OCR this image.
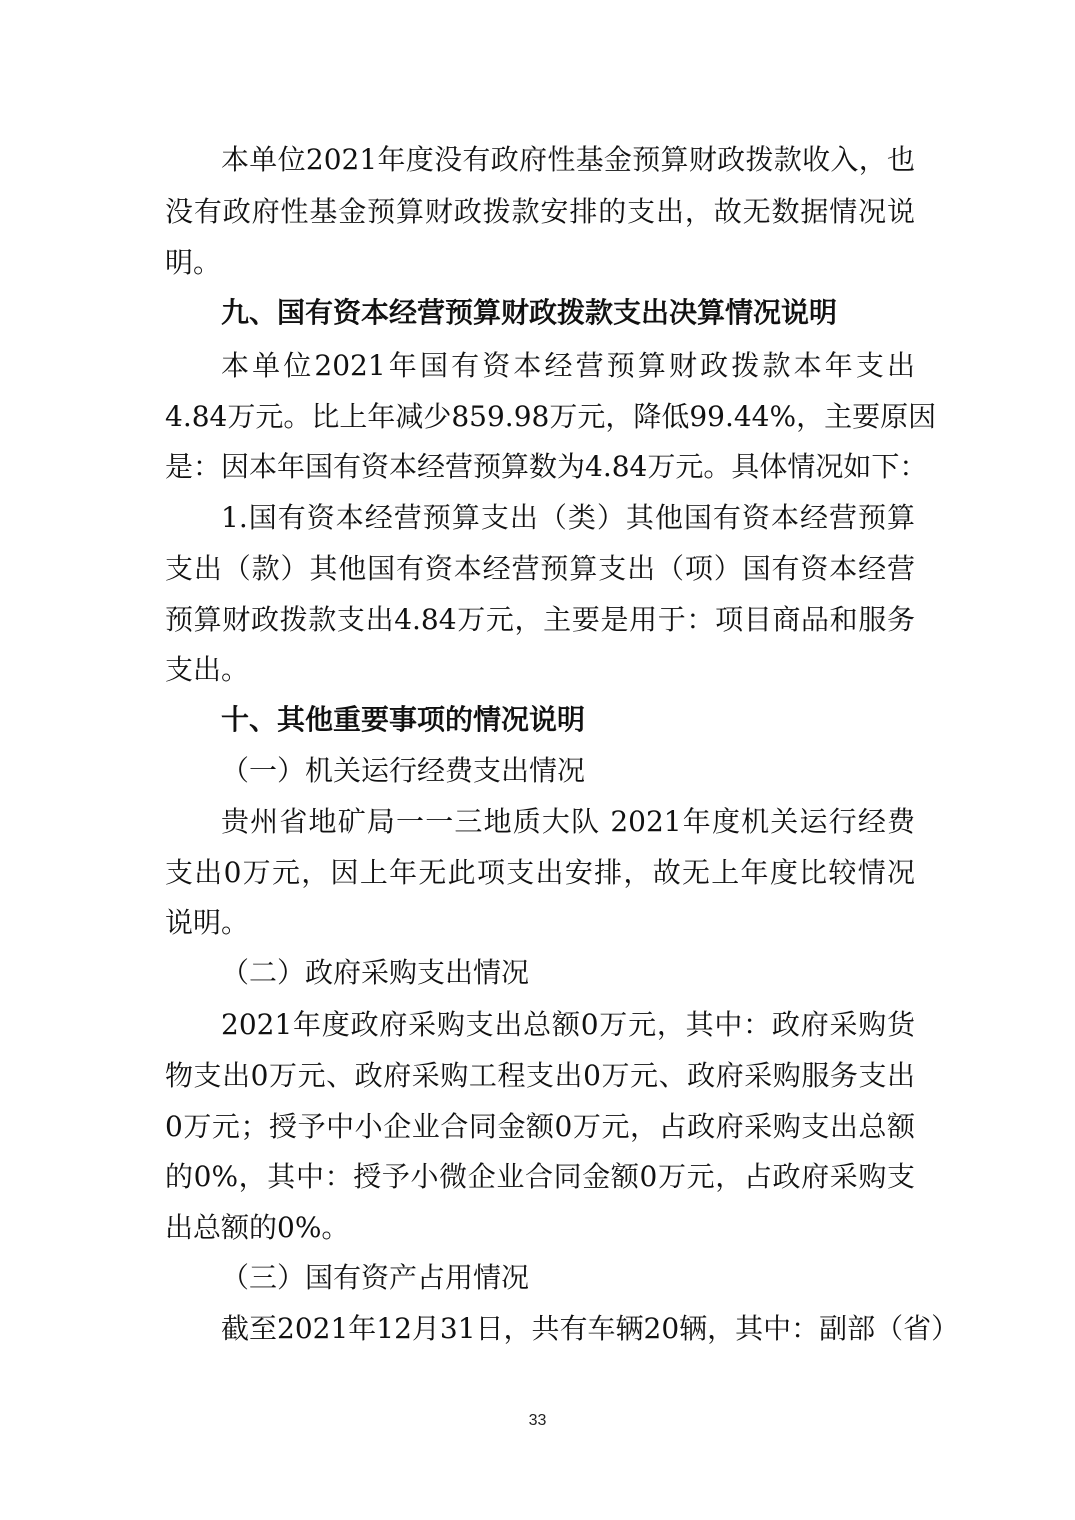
本单位2021年度没有政府性基金预算财政拨款收入，也
没有政府性基金预算财政拨款安排的支出，故无数据情况说
明。
九、国有资本经营预算财政拨款支出决算情况说明
本单位2021年国有资本经营预算财政拨款本年支出
4.84万元。比上年减少859.98万元，降低99.44%，主要原因
是：因本年国有资本经营预算数为4.84万元。具体情况如下：
1.国有资本经营预算支出（类）其他国有资本经营预算
支出（款）其他国有资本经营预算支出（项）国有资本经营
预算财政拨款支出4.84万元，主要是用于：项目商品和服务
支出。
十、其他重要事项的情况说明
（一）机关运行经费支出情况
贵州省地矿局一一三地质大队 2021年度机关运行经费
支出0万元，因上年无此项支出安排，故无上年度比较情况
说明。
（二）政府采购支出情况
2021年度政府采购支出总额0万元，其中：政府采购货
物支出0万元、政府采购工程支出0万元、政府采购服务支出
0万元；授予中小企业合同金额0万元，占政府采购支出总额
的0%，其中：授予小微企业合同金额0万元，占政府采购支
出总额的0%。
（三）国有资产占用情况
截至2021年12月31日，共有车辆20辆，其中：副部（省）
33
